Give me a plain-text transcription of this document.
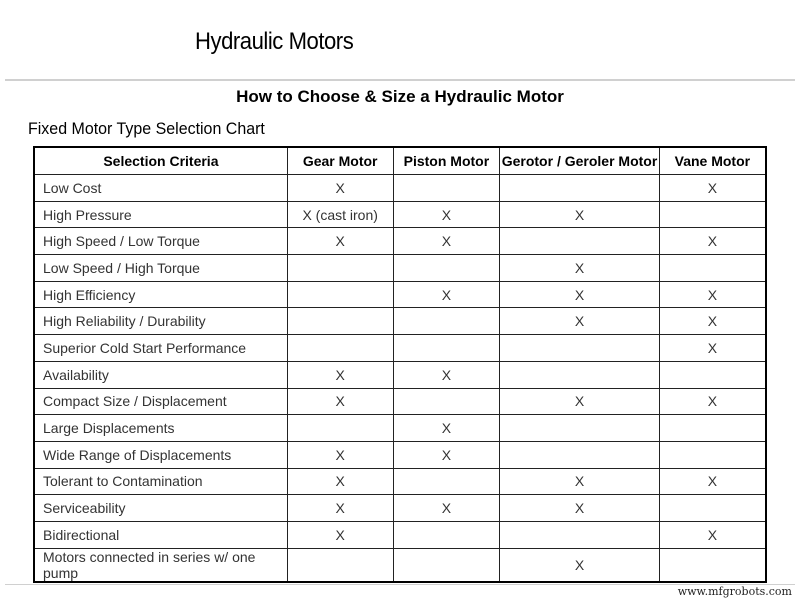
Hydraulic Motors
How to Choose & Size a Hydraulic Motor
Fixed Motor Type Selection Chart
Selection Criteria	Gear Motor	Piston Motor	Gerotor / Geroler Motor	Vane Motor
Low Cost	X			X
High Pressure	X (cast iron)	X	X	
High Speed / Low Torque	X	X		X
Low Speed / High Torque			X	
High Efficiency		X	X	X
High Reliability / Durability			X	X
Superior Cold Start Performance				X
Availability	X	X		
Compact Size / Displacement	X		X	X
Large Displacements		X		
Wide Range of Displacements	X	X		
Tolerant to Contamination	X		X	X
Serviceability	X	X	X	
Bidirectional	X			X
Motors connected in series w/ one pump			X	
www.mfgrobots.com
